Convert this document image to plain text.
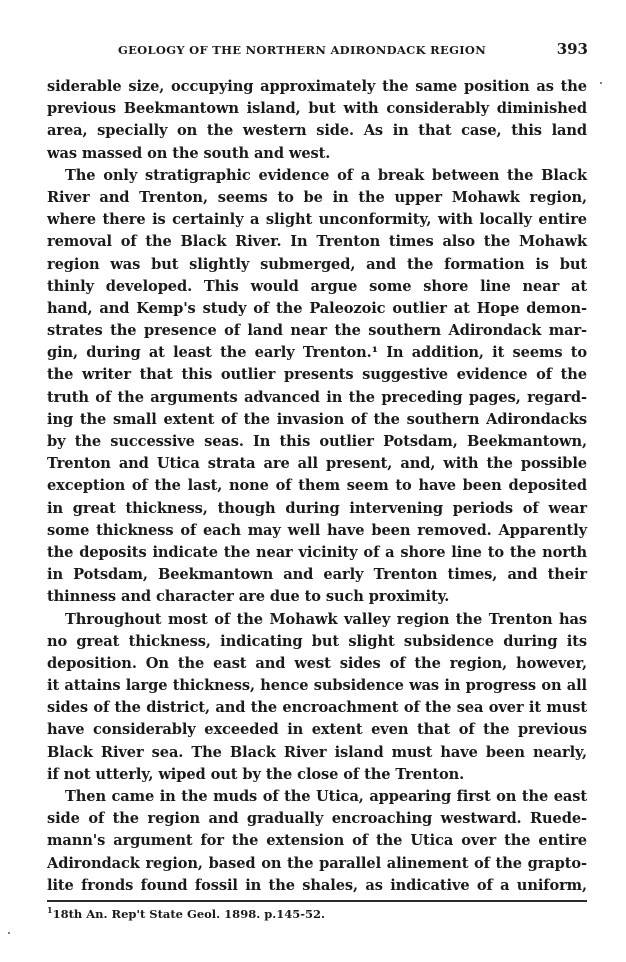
GEOLOGY OF THE NORTHERN ADIRONDACK REGION	393
siderable size, occupying approximately the same position as the
previous Beekmantown island, but with considerably diminished
area, specially on the western side. As in that case, this land
was massed on the south and west.
The only stratigraphic evidence of a break between the Black
River and Trenton, seems to be in the upper Mohawk region,
where there is certainly a slight unconformity, with locally entire
removal of the Black River. In Trenton times also the Mohawk
region was but slightly submerged, and the formation is but
thinly developed. This would argue some shore line near at
hand, and Kemp's study of the Paleozoic outlier at Hope demon-
strates the presence of land near the southern Adirondack mar-
gin, during at least the early Trenton.¹ In addition, it seems to
the writer that this outlier presents suggestive evidence of the
truth of the arguments advanced in the preceding pages, regard-
ing the small extent of the invasion of the southern Adirondacks
by the successive seas. In this outlier Potsdam, Beekmantown,
Trenton and Utica strata are all present, and, with the possible
exception of the last, none of them seem to have been deposited
in great thickness, though during intervening periods of wear
some thickness of each may well have been removed. Apparently
the deposits indicate the near vicinity of a shore line to the north
in Potsdam, Beekmantown and early Trenton times, and their
thinness and character are due to such proximity.
Throughout most of the Mohawk valley region the Trenton has
no great thickness, indicating but slight subsidence during its
deposition. On the east and west sides of the region, however,
it attains large thickness, hence subsidence was in progress on all
sides of the district, and the encroachment of the sea over it must
have considerably exceeded in extent even that of the previous
Black River sea. The Black River island must have been nearly,
if not utterly, wiped out by the close of the Trenton.
Then came in the muds of the Utica, appearing first on the east
side of the region and gradually encroaching westward. Ruede-
mann's argument for the extension of the Utica over the entire
Adirondack region, based on the parallel alinement of the grapto-
lite fronds found fossil in the shales, as indicative of a uniform,
$^1$18th An. Rep't State Geol. 1898. p.145-52.
